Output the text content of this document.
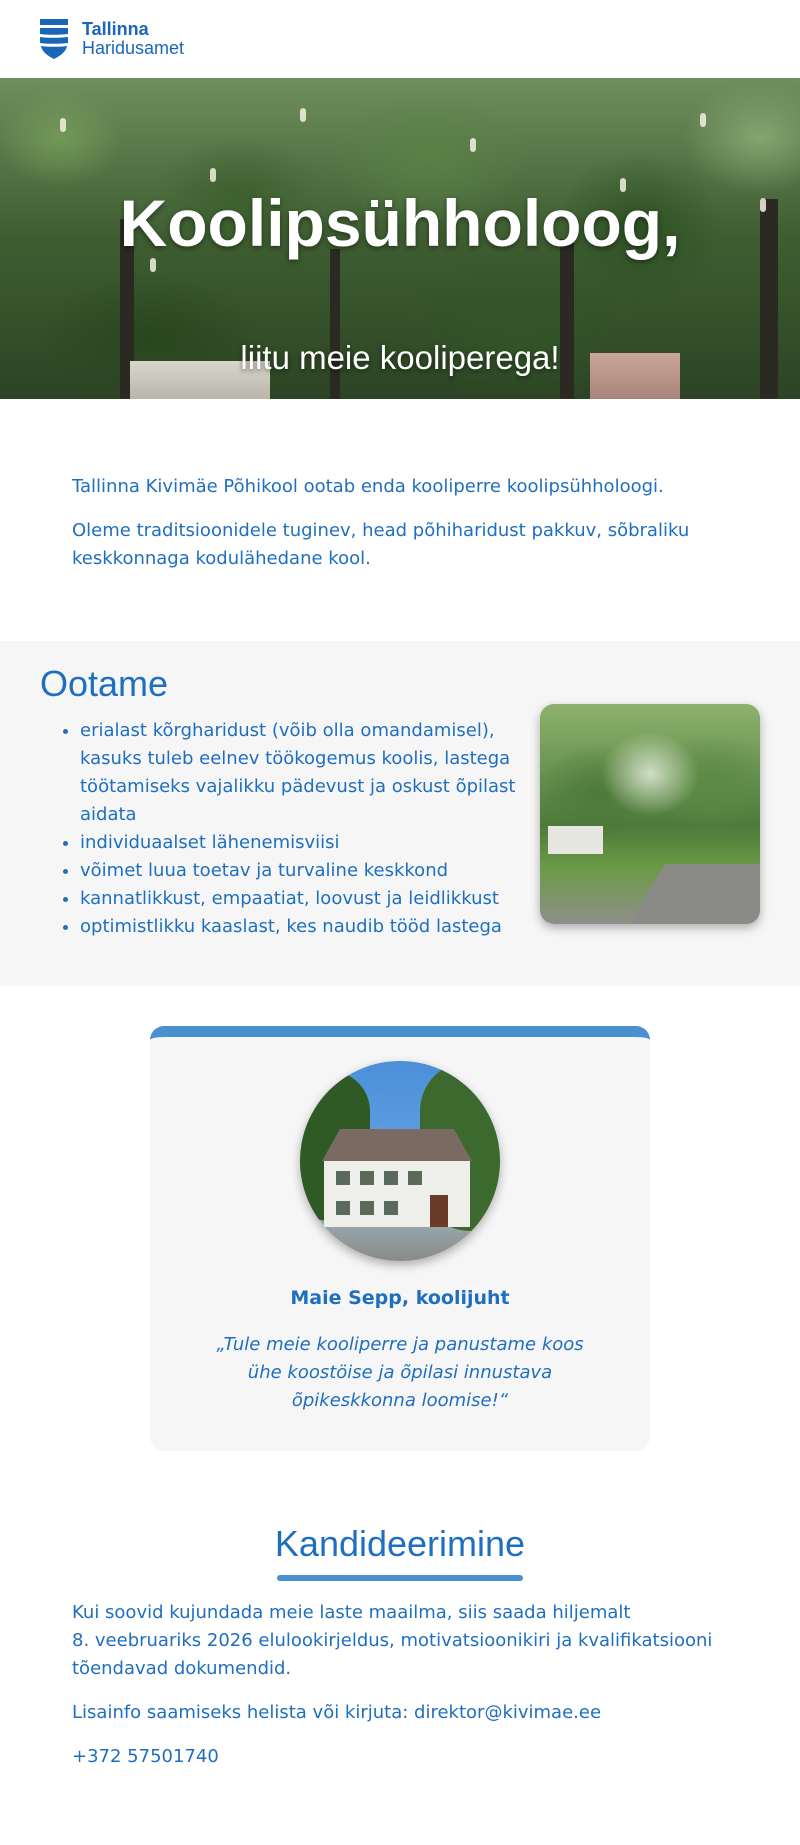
Tallinna
Haridusamet
Koolipsühholoog,
liitu meie kooliperega!

Tallinna Kivimäe Põhikool ootab enda kooliperre koolipsühholoogi.

Oleme traditsioonidele tuginev, head põhiharidust pakkuv, sõbraliku keskkonnaga kodulähedane kool.

Ootame
• erialast kõrgharidust (võib olla omandamisel), kasuks tuleb eelnev töökogemus koolis, lastega töötamiseks vajalikku pädevust ja oskust õpilast aidata
• individuaalset lähenemisviisi
• võimet luua toetav ja turvaline keskkond
• kannatlikkust, empaatiat, loovust ja leidlikkust
• optimistlikku kaaslast, kes naudib tööd lastega
Maie Sepp, koolijuht
„Tule meie kooliperre ja panustame koos ühe koostöise ja õpilasi innustava õpikeskkonna loomise!“
Kandideerimine

Kui soovid kujundada meie laste maailma, siis saada hiljemalt
8. veebruariks 2026 elulookirjeldus, motivatsioonikiri ja kvalifikatsiooni tõendavad dokumendid.

Lisainfo saamiseks helista või kirjuta: direktor@kivimae.ee

+372 57501740
